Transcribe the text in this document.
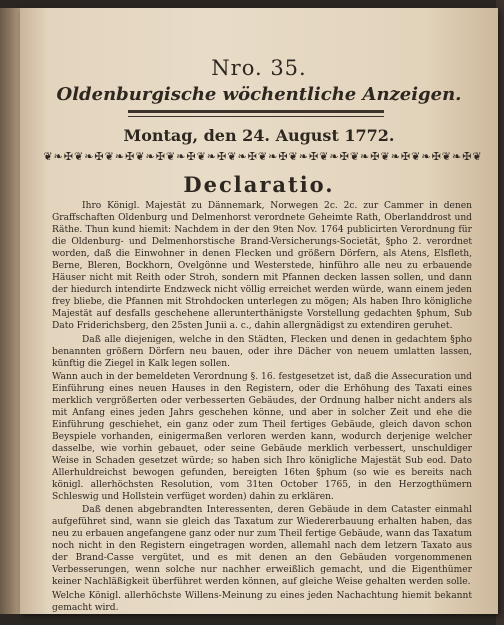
Nro. 35.
Oldenburgische wöchentliche Anzeigen.
Montag, den 24. August 1772.
❦❧✠❦❧✠❦❧✠❦❧✠❦❧✠❦❧✠❦❧✠❦❧✠❦❧✠❦❧✠❦❧✠❦❧✠❦❧✠❦❧✠❦
Declaratio.

Ihro Königl. Majestät zu Dännemark, Norwegen 2c. 2c. zur Cammer in denen Graffschaften Oldenburg und Delmenhorst verordnete Geheimte Rath, Oberlanddrost und Räthe. Thun kund hiemit: Nachdem in der den 9ten Nov. 1764 publicirten Verordnung für die Oldenburg- und Delmenhorstische Brand-Versicherungs-Societät, §pho 2. verordnet worden, daß die Einwohner in denen Flecken und größern Dörfern, als Atens, Elsfleth, Berne, Bleren, Bockhorn, Ovelgönne und Westerstede, hinführo alle neu zu erbauende Häuser nicht mit Reith oder Stroh, sondern mit Pfannen decken lassen sollen, und dann der hiedurch intendirte Endzweck nicht völlig erreichet werden würde, wann einem jeden frey bliebe, die Pfannen mit Strohdocken unterlegen zu mögen; Als haben Ihro königliche Majestät auf desfalls geschehene allerunterthänigste Vorstellung gedachten §phum, Sub Dato Friderichsberg, den 25sten Junii a. c., dahin allergnädigst zu extendiren geruhet.

Daß alle diejenigen, welche in den Städten, Flecken und denen in gedachtem §pho benannten größern Dörfern neu bauen, oder ihre Dächer von neuem umlatten lassen, künftig die Ziegel in Kalk legen sollen.

Wann auch in der bemeldeten Verordnung §. 16. festgesetzet ist, daß die Assecuration und Einführung eines neuen Hauses in den Registern, oder die Erhöhung des Taxati eines merklich vergrößerten oder verbesserten Gebäudes, der Ordnung halber nicht anders als mit Anfang eines jeden Jahrs geschehen könne, und aber in solcher Zeit und ehe die Einführung geschiehet, ein ganz oder zum Theil fertiges Gebäude, gleich davon schon Beyspiele vorhanden, einigermaßen verloren werden kann, wodurch derjenige welcher dasselbe, wie vorhin gebauet, oder seine Gebäude merklich verbessert, unschuldiger Weise in Schaden gesetzet würde; so haben sich Ihro königliche Majestät Sub eod. Dato Allerhuldreichst bewogen gefunden, bereigten 16ten §phum (so wie es bereits nach königl. allerhöchsten Resolution, vom 31ten October 1765, in den Herzogthümern Schleswig und Hollstein verfüget worden) dahin zu erklären.

Daß denen abgebrandten Interessenten, deren Gebäude in dem Cataster einmahl aufgeführet sind, wann sie gleich das Taxatum zur Wiedererbauung erhalten haben, das neu zu erbauen angefangene ganz oder nur zum Theil fertige Gebäude, wann das Taxatum noch nicht in den Registern eingetragen worden, allemahl nach dem letzern Taxato aus der Brand-Casse vergütet, und es mit denen an den Gebäuden vorgenommenen Verbesserungen, wenn solche nur nachher erweißlich gemacht, und die Eigenthümer keiner Nachläßigkeit überführet werden können, auf gleiche Weise gehalten werden solle.

Welche Königl. allerhöchste Willens-Meinung zu eines jeden Nachachtung hiemit bekannt gemacht wird.
